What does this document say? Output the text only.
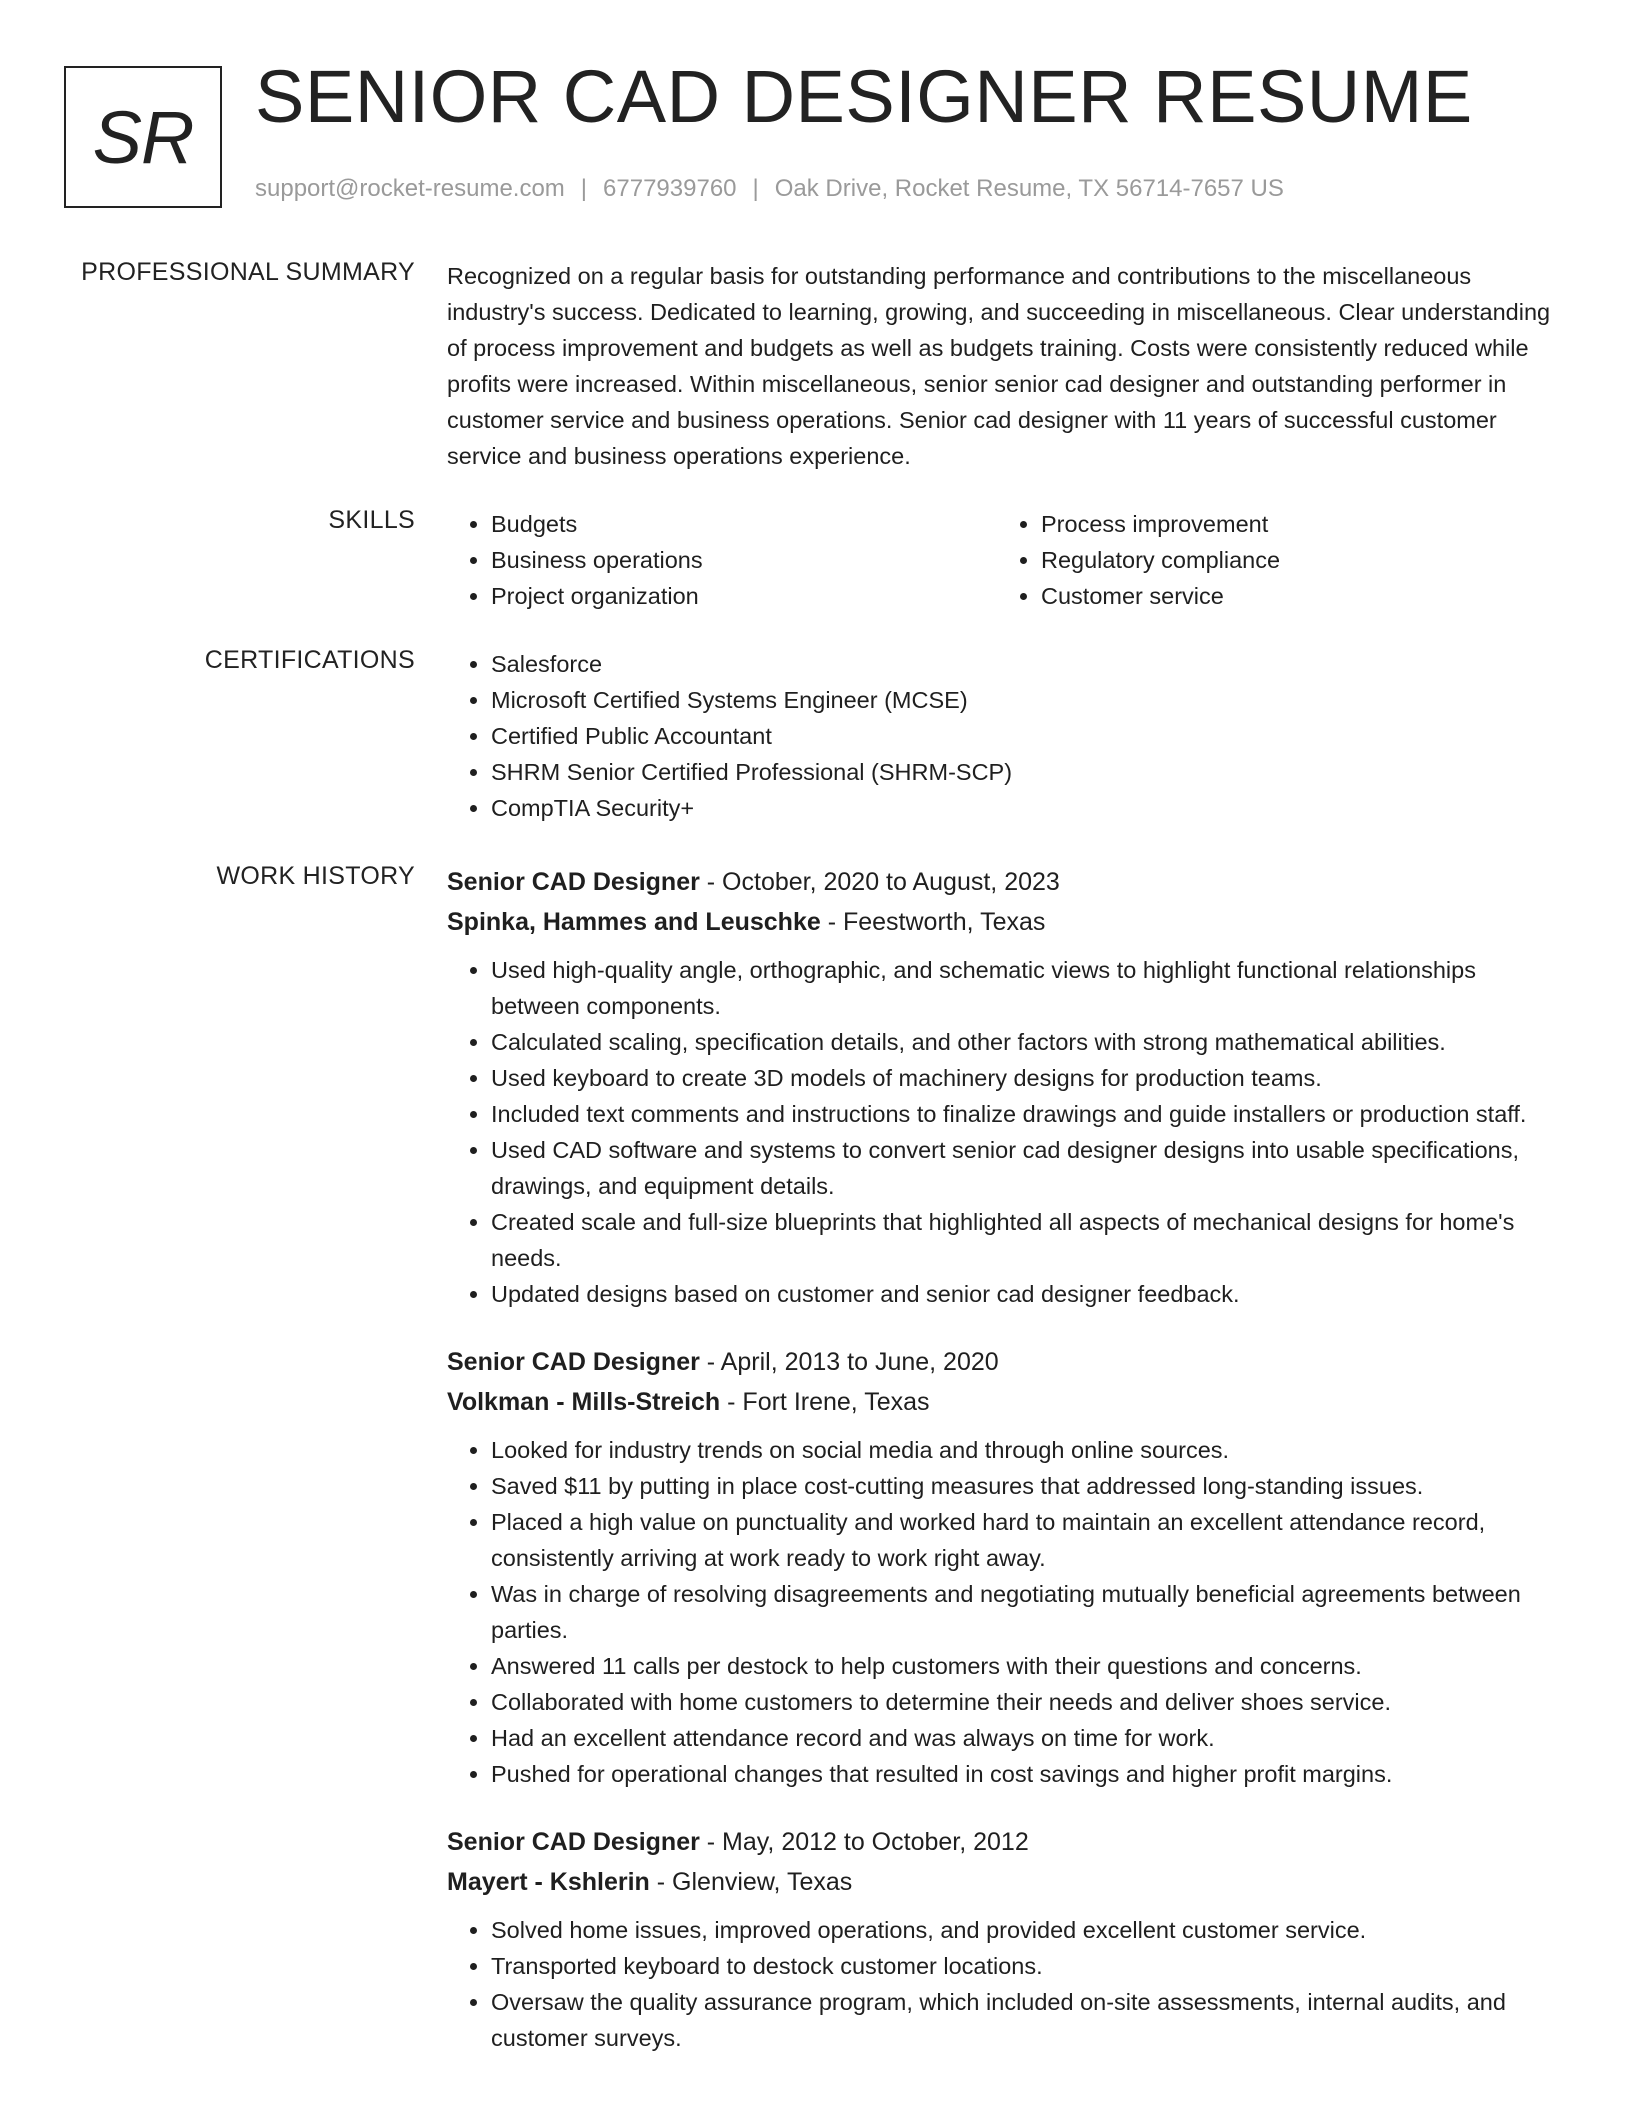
SR SENIOR CAD DESIGNER RESUME
support@rocket-resume.com | 6777939760 | Oak Drive, Rocket Resume, TX 56714-7657 US
PROFESSIONAL SUMMARY Recognized on a regular basis for outstanding performance and contributions to the miscellaneous industry's success. Dedicated to learning, growing, and succeeding in miscellaneous. Clear understanding of process improvement and budgets as well as budgets training. Costs were consistently reduced while profits were increased. Within miscellaneous, senior senior cad designer and outstanding performer in customer service and business operations. Senior cad designer with 11 years of successful customer service and business operations experience.

SKILLS	• Budgets
• Business operations
• Project organization
• Process improvement
• Regulatory compliance
• Customer service
CERTIFICATIONS	• Salesforce
• Microsoft Certified Systems Engineer (MCSE)
• Certified Public Accountant
• SHRM Senior Certified Professional (SHRM-SCP)
• CompTIA Security+
WORK HISTORY Senior CAD Designer - October, 2020 to August, 2023
Spinka, Hammes and Leuschke - Feestworth, Texas
• Used high-quality angle, orthographic, and schematic views to highlight functional relationships between components.
• Calculated scaling, specification details, and other factors with strong mathematical abilities.
• Used keyboard to create 3D models of machinery designs for production teams.
• Included text comments and instructions to finalize drawings and guide installers or production staff.
• Used CAD software and systems to convert senior cad designer designs into usable specifications, drawings, and equipment details.
• Created scale and full-size blueprints that highlighted all aspects of mechanical designs for home's needs.
• Updated designs based on customer and senior cad designer feedback.
Senior CAD Designer - April, 2013 to June, 2020
Volkman - Mills-Streich - Fort Irene, Texas
• Looked for industry trends on social media and through online sources.
• Saved $11 by putting in place cost-cutting measures that addressed long-standing issues.
• Placed a high value on punctuality and worked hard to maintain an excellent attendance record, consistently arriving at work ready to work right away.
• Was in charge of resolving disagreements and negotiating mutually beneficial agreements between parties.
• Answered 11 calls per destock to help customers with their questions and concerns.
• Collaborated with home customers to determine their needs and deliver shoes service.
• Had an excellent attendance record and was always on time for work.
• Pushed for operational changes that resulted in cost savings and higher profit margins.
Senior CAD Designer - May, 2012 to October, 2012
Mayert - Kshlerin - Glenview, Texas
• Solved home issues, improved operations, and provided excellent customer service.
• Transported keyboard to destock customer locations.
• Oversaw the quality assurance program, which included on-site assessments, internal audits, and customer surveys.
